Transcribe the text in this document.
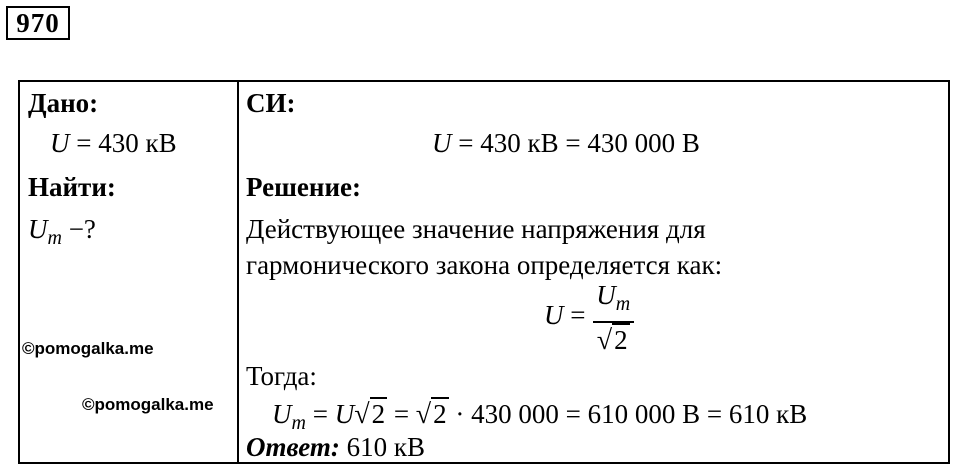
970
Дано:
U = 430 кВ
Найти:
$U_m$ −?
©pomogalka.me
©pomogalka.me
СИ:
U = 430 кВ = 430 000 В
Решение:
Действующее значение напряжения для
гармонического закона определяется как:
$U = \frac{U_m}{√2}$
Тогда:
$U_m = U√2 = √2 \cdot 430$ 000 = 610 000 В = 610 кВ
Ответ: 610 кВ
